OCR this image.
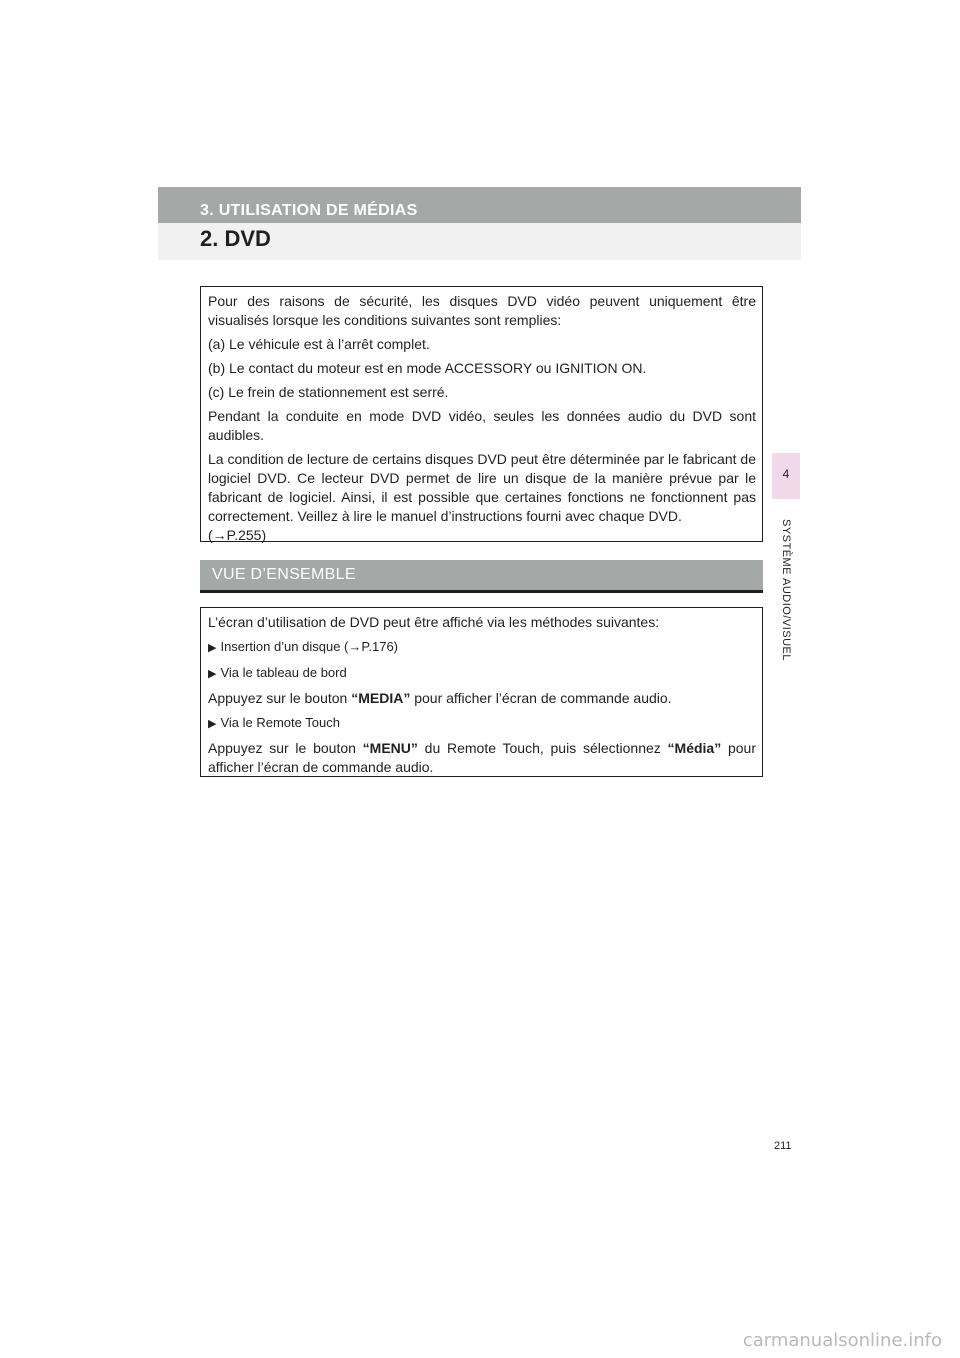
3. UTILISATION DE MÉDIAS
2. DVD
4
SYSTÈME AUDIO/VISUEL

Pour des raisons de sécurité, les disques DVD vidéo peuvent uniquement être visualisés lorsque les conditions suivantes sont remplies:

(a) Le véhicule est à l’arrêt complet.

(b) Le contact du moteur est en mode ACCESSORY ou IGNITION ON.

(c) Le frein de stationnement est serré.

Pendant la conduite en mode DVD vidéo, seules les données audio du DVD sont audibles.

La condition de lecture de certains disques DVD peut être déterminée par le fabricant de logiciel DVD. Ce lecteur DVD permet de lire un disque de la manière prévue par le fabricant de logiciel. Ainsi, il est possible que certaines fonctions ne fonctionnent pas correctement. Veillez à lire le manuel d’instructions fourni avec chaque DVD.
(→P.255)

VUE D’ENSEMBLE

L’écran d’utilisation de DVD peut être affiché via les méthodes suivantes:

▶ Insertion d’un disque (→P.176)

▶ Via le tableau de bord

Appuyez sur le bouton “MEDIA” pour afficher l’écran de commande audio.

▶ Via le Remote Touch

Appuyez sur le bouton “MENU” du Remote Touch, puis sélectionnez “Média” pour afficher l’écran de commande audio.

211
carmanualsonline.info
